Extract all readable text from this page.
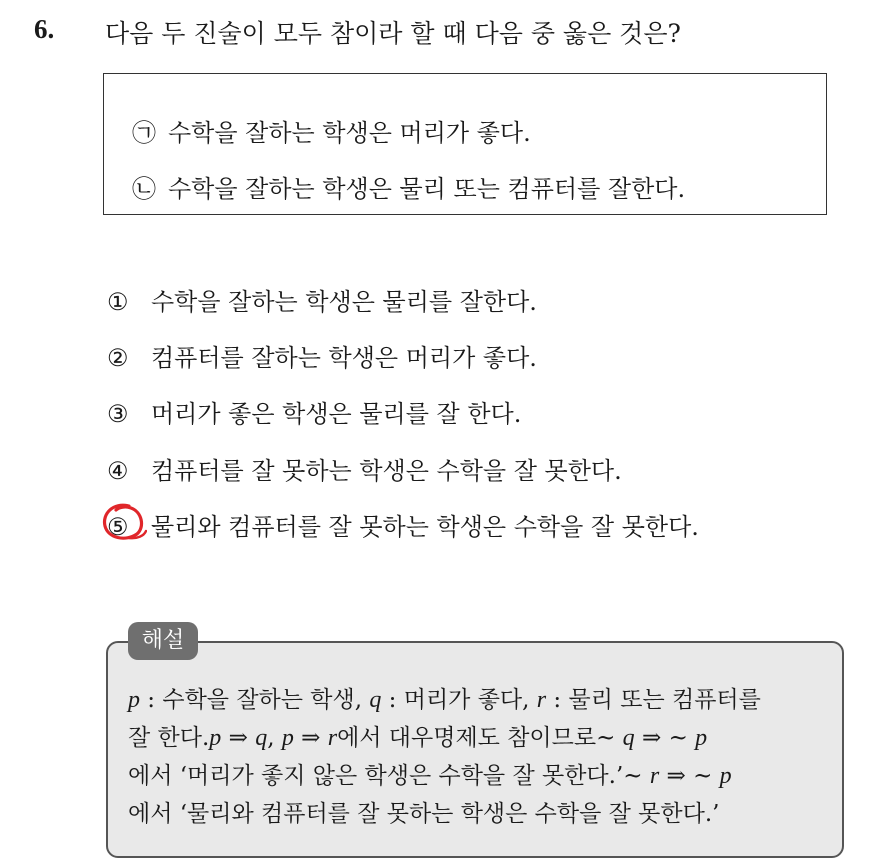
6. 다음 두 진술이 모두 참이라 할 때 다음 중 옳은 것은?
㉠ 수학을 잘하는 학생은 머리가 좋다.
㉡ 수학을 잘하는 학생은 물리 또는 컴퓨터를 잘한다.
① 수학을 잘하는 학생은 물리를 잘한다.
② 컴퓨터를 잘하는 학생은 머리가 좋다.
③ 머리가 좋은 학생은 물리를 잘 한다.
④ 컴퓨터를 잘 못하는 학생은 수학을 잘 못한다.
⑤ 물리와 컴퓨터를 잘 못하는 학생은 수학을 잘 못한다.
해설
p : 수학을 잘하는 학생, q : 머리가 좋다, r : 물리 또는 컴퓨터를
잘 한다.p ⇒ q, p ⇒ r에서 대우명제도 참이므로~ q ⇒ ~ p
에서 ‘머리가 좋지 않은 학생은 수학을 잘 못한다.’~ r ⇒ ~ p
에서 ‘물리와 컴퓨터를 잘 못하는 학생은 수학을 잘 못한다.’
